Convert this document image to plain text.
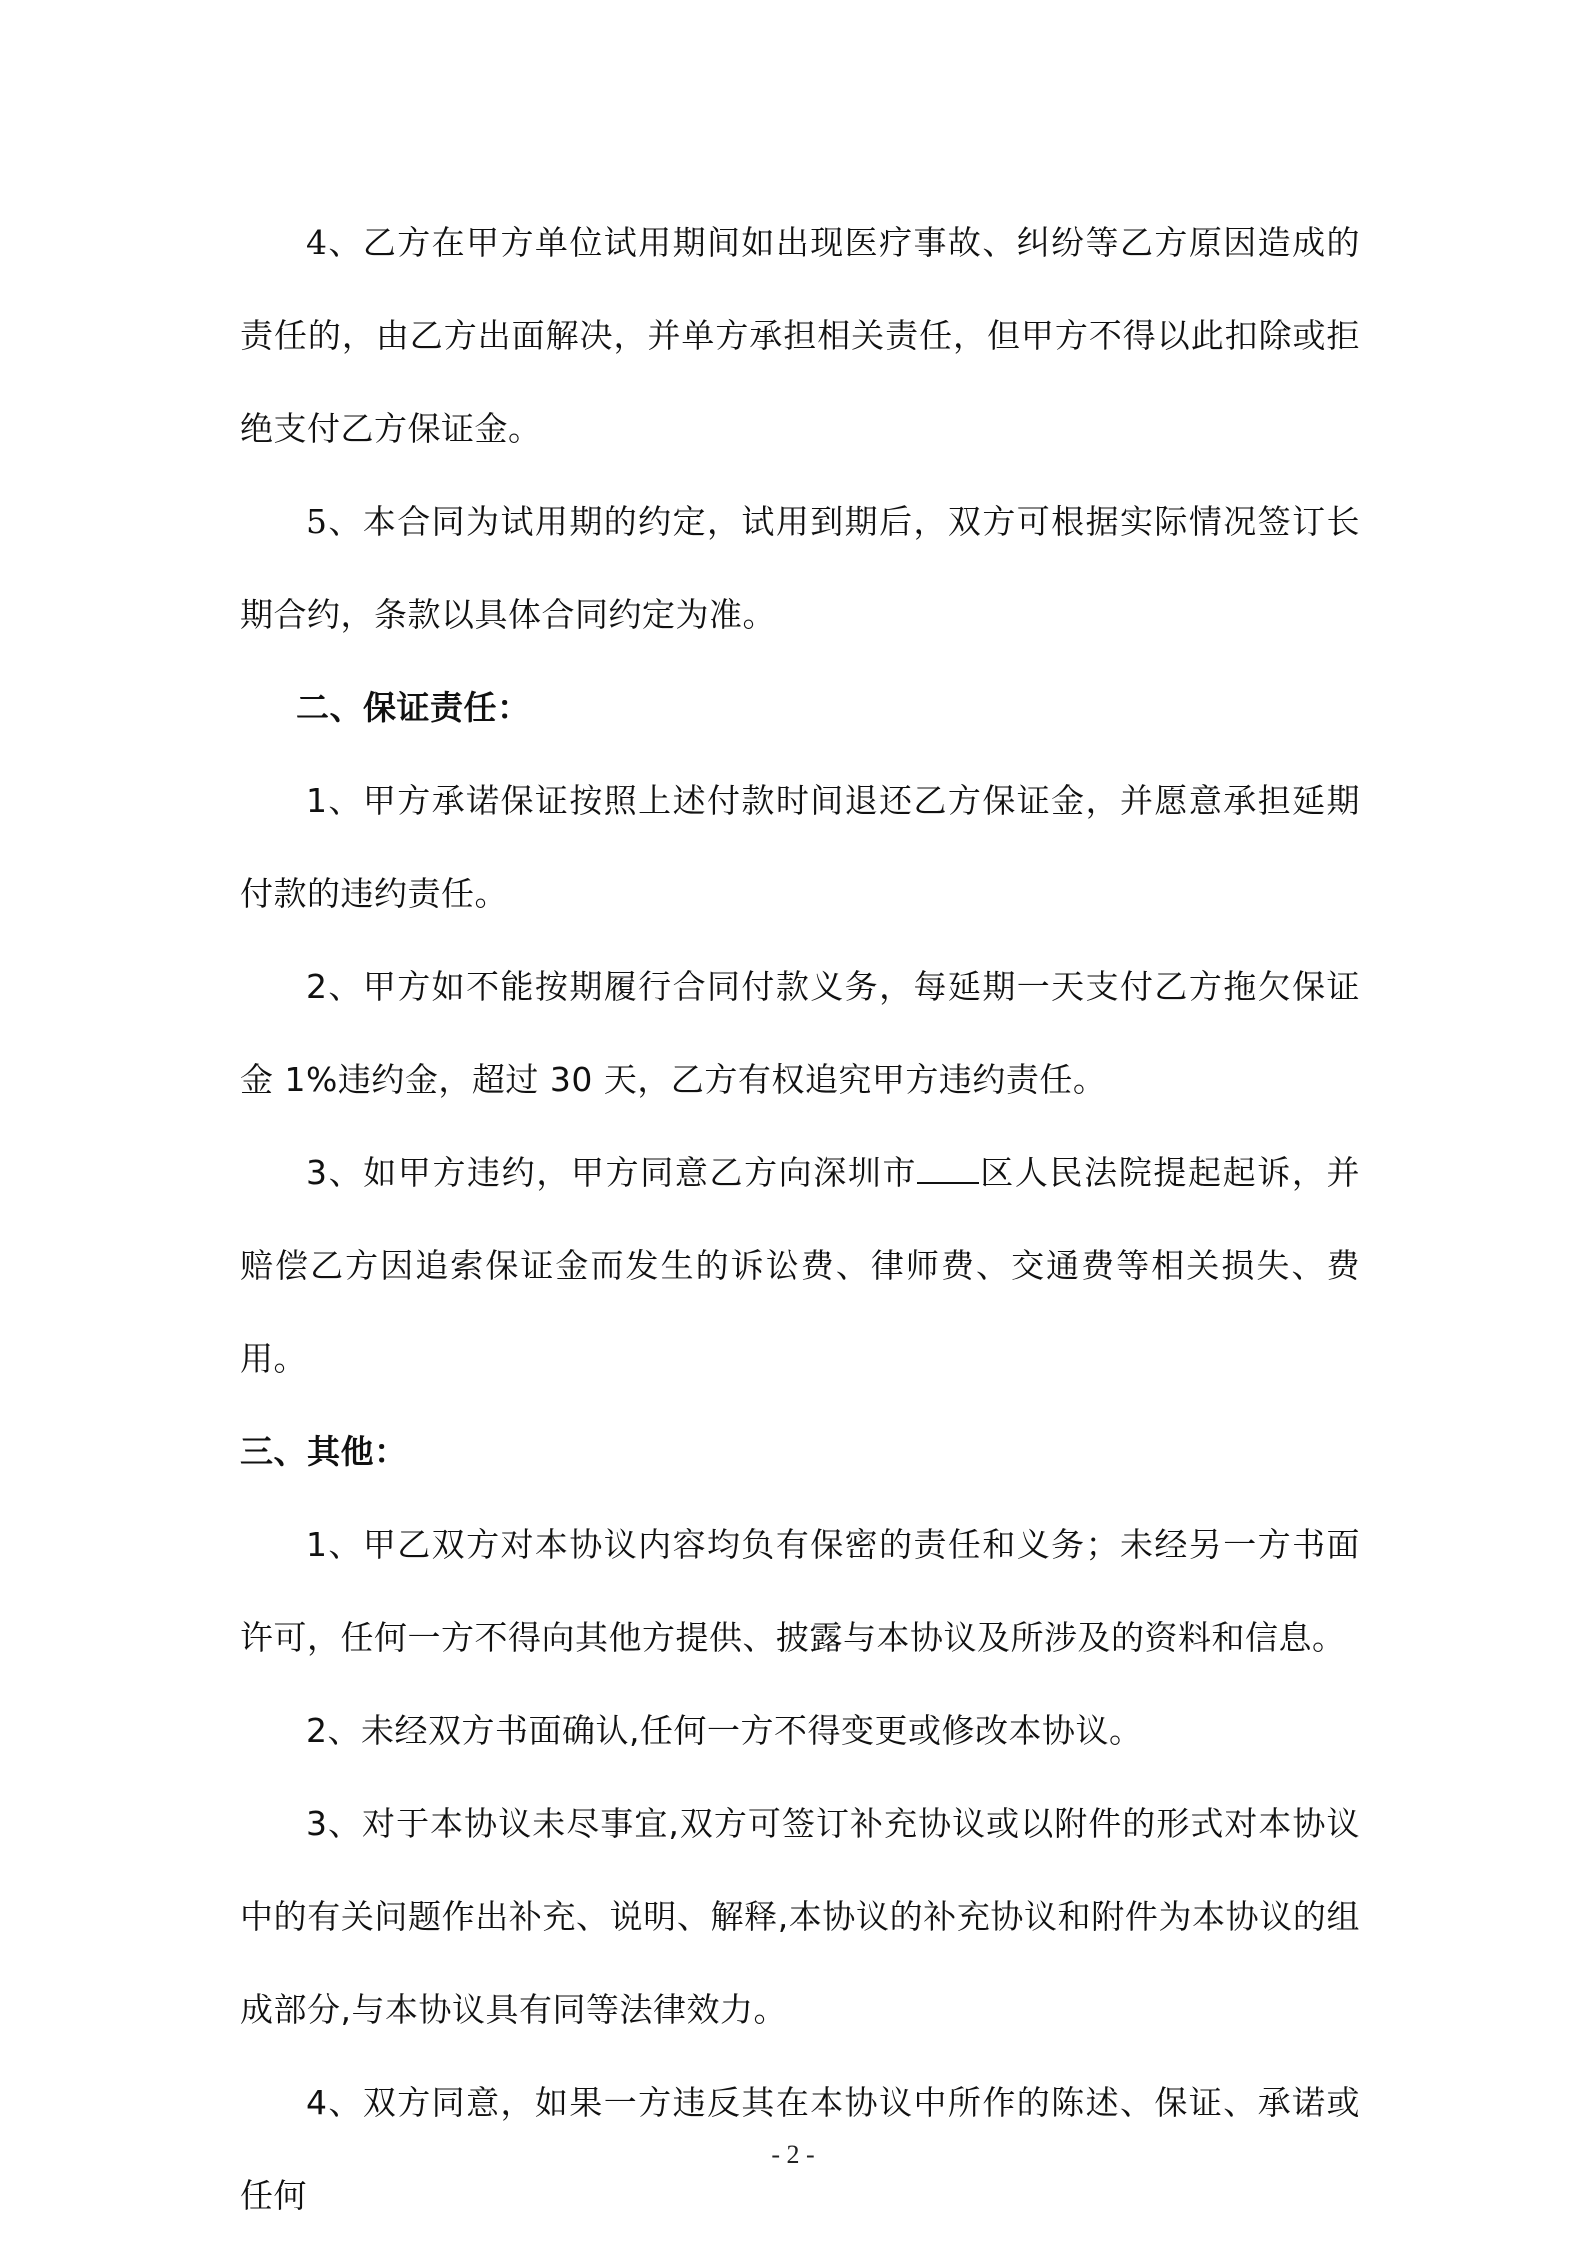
4、乙方在甲方单位试用期间如出现医疗事故、纠纷等乙方原因造成的责任的，由乙方出面解决，并单方承担相关责任，但甲方不得以此扣除或拒绝支付乙方保证金。

5、本合同为试用期的约定，试用到期后，双方可根据实际情况签订长期合约，条款以具体合同约定为准。

二、保证责任：

1、甲方承诺保证按照上述付款时间退还乙方保证金，并愿意承担延期付款的违约责任。

2、甲方如不能按期履行合同付款义务，每延期一天支付乙方拖欠保证金 1%违约金，超过 30 天，乙方有权追究甲方违约责任。

3、如甲方违约，甲方同意乙方向深圳市 区人民法院提起起诉，并赔偿乙方因追索保证金而发生的诉讼费、律师费、交通费等相关损失、费用。

三、其他：

1、甲乙双方对本协议内容均负有保密的责任和义务；未经另一方书面许可，任何一方不得向其他方提供、披露与本协议及所涉及的资料和信息。

2、未经双方书面确认,任何一方不得变更或修改本协议。

3、对于本协议未尽事宜,双方可签订补充协议或以附件的形式对本协议中的有关问题作出补充、说明、解释,本协议的补充协议和附件为本协议的组成部分,与本协议具有同等法律效力。

4、双方同意，如果一方违反其在本协议中所作的陈述、保证、承诺或任何

- 2 -
